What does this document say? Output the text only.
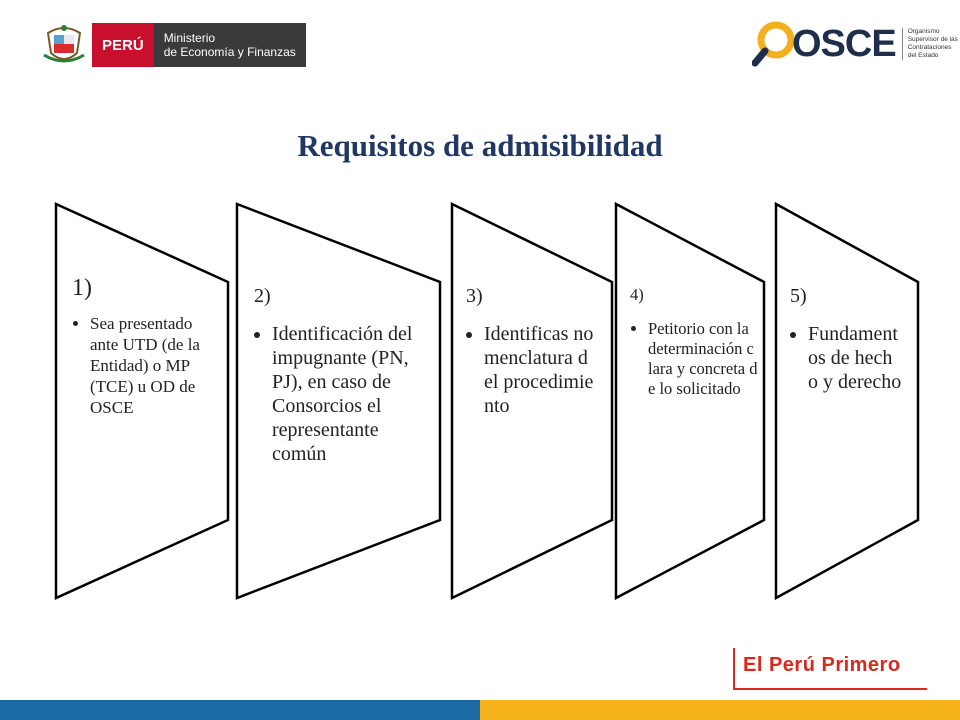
PERÚ	Ministerio
de Economía y Finanzas	OSCE Organismo
Supervisor de las
Contrataciones
del Estado
Requisitos de admisibilidad
1)
• Sea presentado ante UTD (de la Entidad) o MP (TCE) u OD de OSCE
2)
• Identificación del impugnante (PN, PJ), en caso de Consorcios el representante común
3)
• Identificas nomenclatura del procedimiento
4)
• Petitorio con la determinación clara y concreta de lo solicitado
5)
• Fundamentos de hecho y derecho
El Perú Primero
